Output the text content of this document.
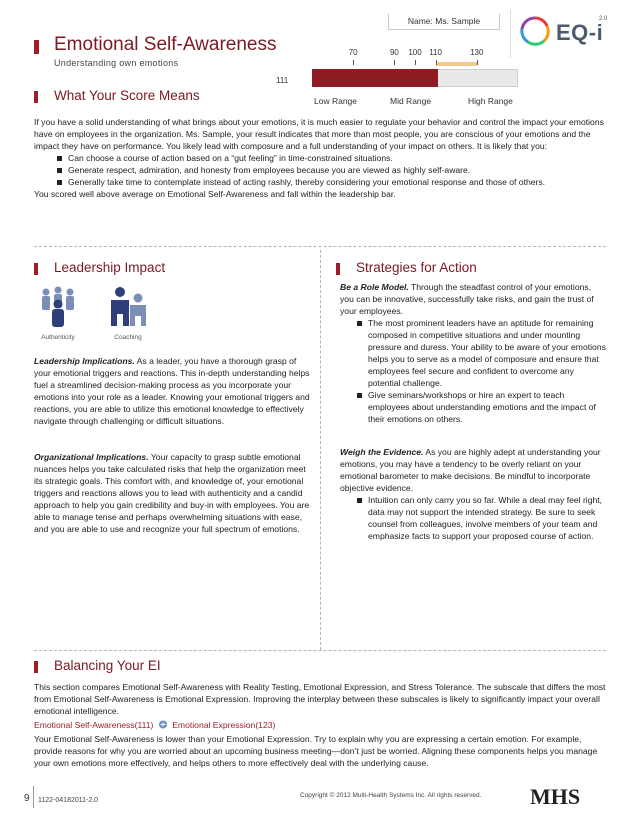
Name: Ms. Sample	EQ-i
2.0
Emotional Self-Awareness
Understanding own emotions
70	90	100 110	130
111
Low Range	Mid Range	High Range
What Your Score Means

If you have a solid understanding of what brings about your emotions, it is much easier to regulate your behavior and control the impact your emotions have on employees in the organization. Ms. Sample, your result indicates that more than most people, you are conscious of your emotions and the impact they have on performance. You likely lead with composure and a full understanding of your impact on others. It is likely that you:

Can choose a course of action based on a “gut feeling” in time-constrained situations.
Generate respect, admiration, and honesty from employees because you are viewed as highly self-aware.
Generally take time to contemplate instead of acting rashly, thereby considering your emotional response and those of others.

You scored well above average on Emotional Self-Awareness and fall within the leadership bar.

Leadership Impact
Authenticity	Coaching
Leadership Implications. As a leader, you have a thorough grasp of your emotional triggers and reactions. This in-depth understanding helps fuel a streamlined decision-making process as you incorporate your emotions into your role as a leader. Knowing your emotional triggers and reactions, you are able to utilize this emotional knowledge to effectively navigate through challenging or difficult situations.
Organizational Implications. Your capacity to grasp subtle emotional nuances helps you take calculated risks that help the organization meet its strategic goals. This comfort with, and knowledge of, your emotional triggers and reactions allows you to lead with authenticity and a candid approach to help you gain credibility and buy-in with employees. You are able to manage tense and perhaps overwhelming situations with ease, and you are able to use and recognize your full spectrum of emotions.
Strategies for Action

Be a Role Model. Through the steadfast control of your emotions, you can be innovative, successfully take risks, and gain the trust of your employees.

The most prominent leaders have an aptitude for remaining composed in competitive situations and under mounting pressure and duress. Your ability to be aware of your emotions helps you to serve as a model of composure and ensure that employees feel secure and confident to overcome any potential challenge.
Give seminars/workshops or hire an expert to teach employees about understanding emotions and the impact of their emotions on others.

Weigh the Evidence. As you are highly adept at understanding your emotions, you may have a tendency to be overly reliant on your emotional barometer to make decisions. Be mindful to incorporate objective evidence.

Intuition can only carry you so far. While a deal may feel right, data may not support the intended strategy. Be sure to seek counsel from colleagues, involve members of your team and emphasize facts to support your proposed course of action.
Balancing Your EI

This section compares Emotional Self-Awareness with Reality Testing, Emotional Expression, and Stress Tolerance. The subscale that differs the most from Emotional Self-Awareness is Emotional Expression. Improving the interplay between these subscales is likely to significantly impact your overall emotional intelligence.

Emotional Self-Awareness(111) Emotional Expression(123)

Your Emotional Self-Awareness is lower than your Emotional Expression. Try to explain why you are expressing a certain emotion. For example, provide reasons for why you are worried about an upcoming business meeting—don’t just be worried. Aligning these components helps you manage your own emotions more effectively, and helps others to more effectively deal with the underlying cause.

9 1122-04182011-2.0
Copyright © 2012 Multi-Health Systems Inc. All rights reserved. MHS
